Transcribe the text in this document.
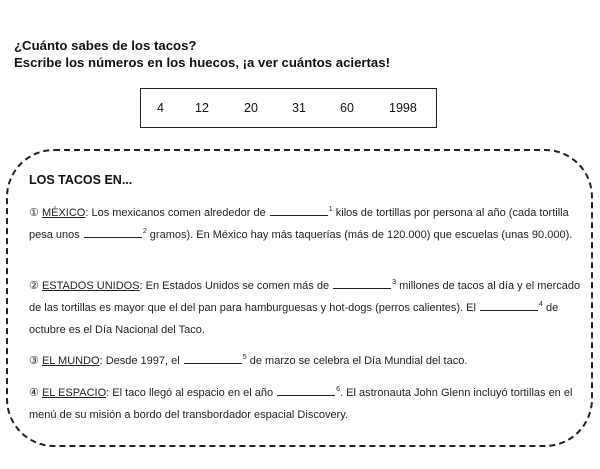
¿Cuánto sabes de los tacos?
Escribe los números en los huecos, ¡a ver cuántos aciertas!
4	12	20	31	60	1998
LOS TACOS EN...
① MÉXICO: Los mexicanos comen alrededor de	$^1$ kilos de tortillas por persona al año (cada tortilla pesa unos	$^2$ gramos). En México hay más taquerías (más de 120.000) que escuelas (unas 90.000).
② ESTADOS UNIDOS: En Estados Unidos se comen más de	$^3$ millones de tacos al día y el mercado de las tortillas es mayor que el del pan para hamburguesas y hot-dogs (perros calientes). El	$^4$ de octubre es el Día Nacional del Taco.
③ EL MUNDO: Desde 1997, el	$^5$ de marzo se celebra el Día Mundial del taco.
④ EL ESPACIO: El taco llegó al espacio en el año	$^6$. El astronauta John Glenn incluyó tortillas en el menú de su misión a bordo del transbordador espacial Discovery.
